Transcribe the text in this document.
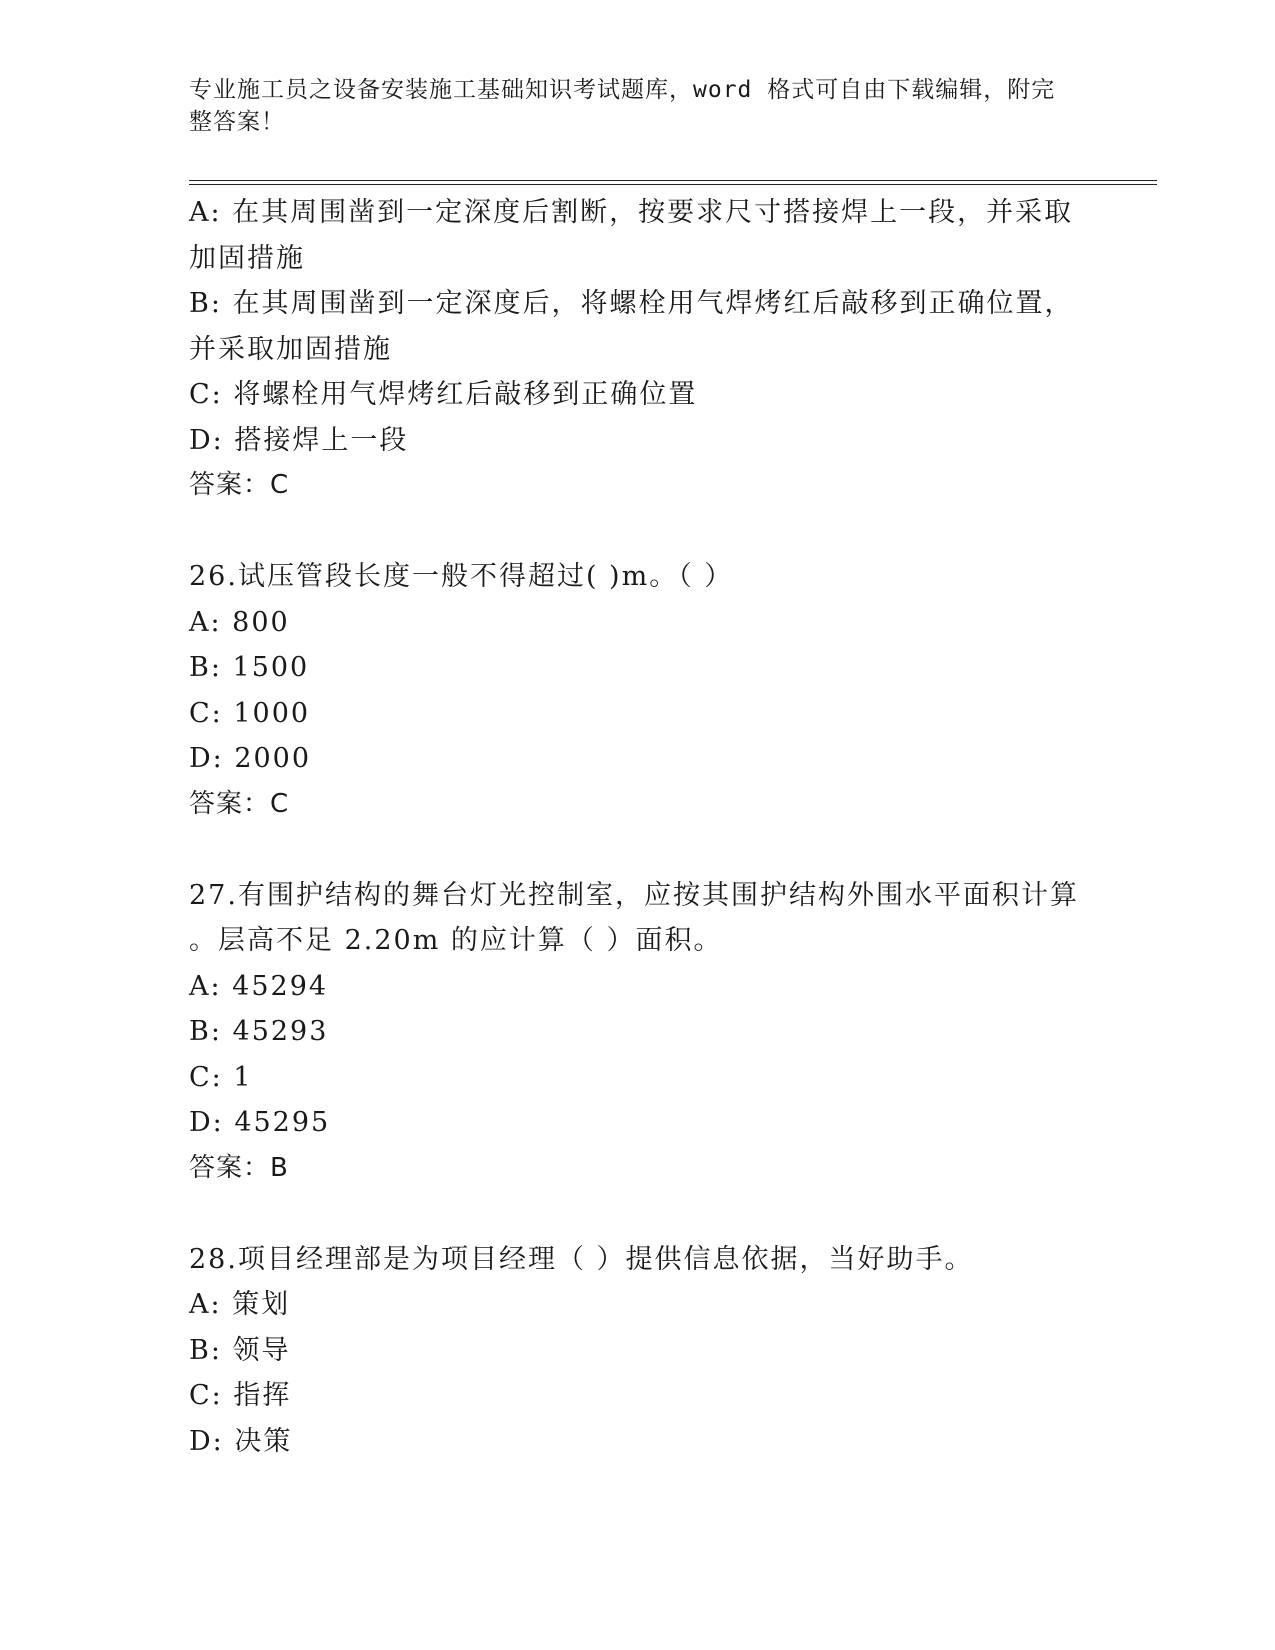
专业施工员之设备安装施工基础知识考试题库，word 格式可自由下载编辑，附完
整答案！
A: 在其周围凿到一定深度后割断，按要求尺寸搭接焊上一段，并采取
加固措施
B: 在其周围凿到一定深度后，将螺栓用气焊烤红后敲移到正确位置，
并采取加固措施
C: 将螺栓用气焊烤红后敲移到正确位置
D: 搭接焊上一段
答案：C
26.试压管段长度一般不得超过( )m。（ ）
A: 800
B: 1500
C: 1000
D: 2000
答案：C
27.有围护结构的舞台灯光控制室，应按其围护结构外围水平面积计算
。层高不足 2.20m 的应计算（ ）面积。
A: 45294
B: 45293
C: 1
D: 45295
答案：B
28.项目经理部是为项目经理（ ）提供信息依据，当好助手。
A: 策划
B: 领导
C: 指挥
D: 决策
